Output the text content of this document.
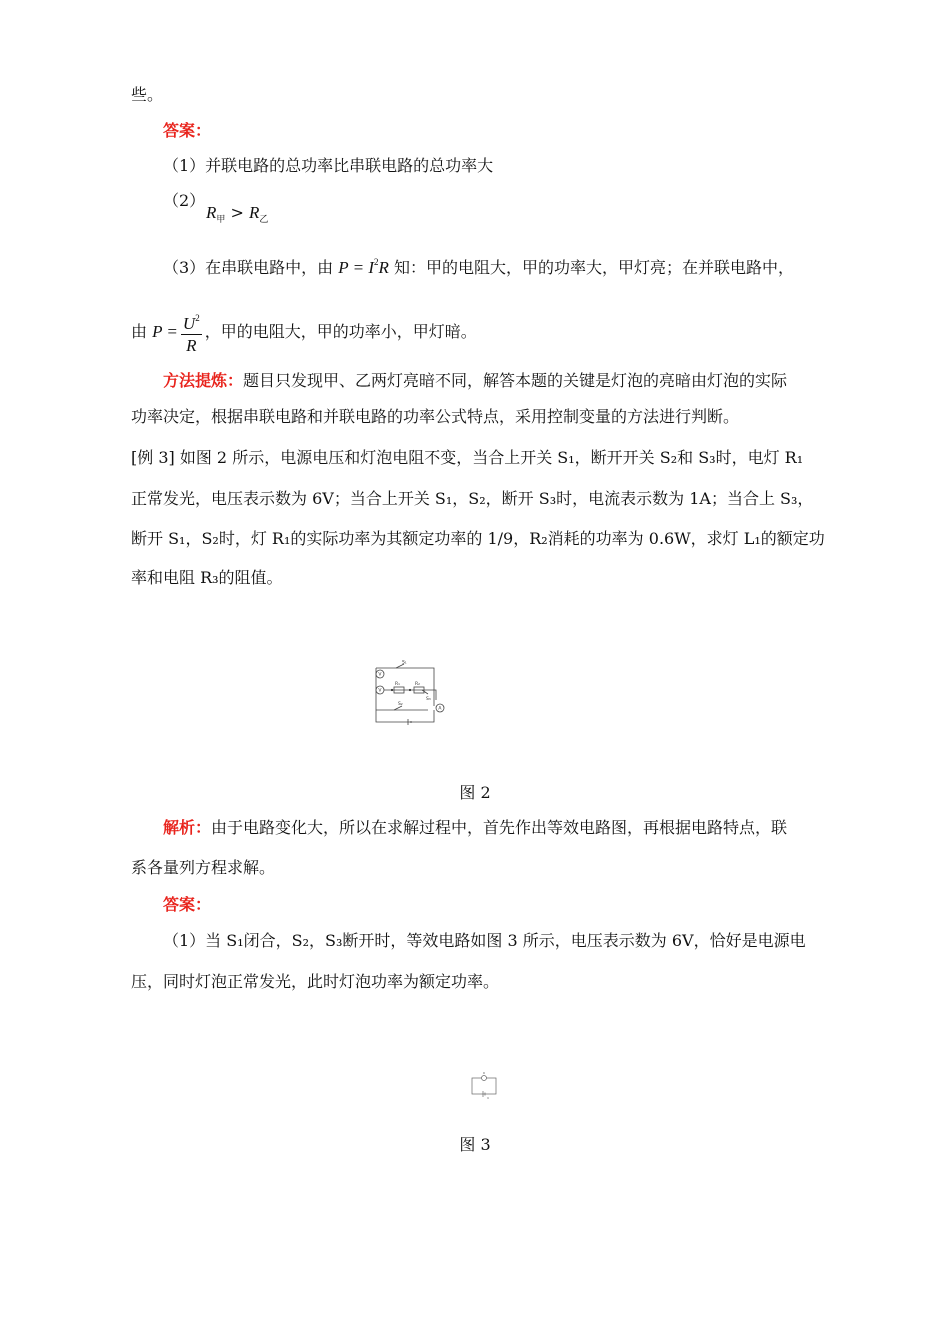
些。
答案：
（1）并联电路的总功率比串联电路的总功率大
（2）
$R_甲 > R_乙$
（3）在串联电路中，由 $P = I^2R$ 知：甲的电阻大，甲的功率大，甲灯亮；在并联电路中，
由 $P = \frac{U^2}{R}$ ，甲的电阻大，甲的功率小，甲灯暗。
方法提炼：题目只发现甲、乙两灯亮暗不同，解答本题的关键是灯泡的亮暗由灯泡的实际
功率决定，根据串联电路和并联电路的功率公式特点，采用控制变量的方法进行判断。
[例 3] 如图 2 所示，电源电压和灯泡电阻不变，当合上开关 S₁，断开开关 S₂和 S₃时，电灯 R₁
正常发光，电压表示数为 6V；当合上开关 S₁，S₂，断开 S₃时，电流表示数为 1A；当合上 S₃，
断开 S₁，S₂时，灯 R₁的实际功率为其额定功率的 1/9，R₂消耗的功率为 0.6W，求灯 L₁的额定功
率和电阻 R₃的阻值。
V
V
A
R₁	R₂
S₁
S₂
S₃
图 2
解析：由于电路变化大，所以在求解过程中，首先作出等效电路图，再根据电路特点，联
系各量列方程求解。
答案：
（1）当 S₁闭合，S₂，S₃断开时，等效电路如图 3 所示，电压表示数为 6V，恰好是电源电
压，同时灯泡正常发光，此时灯泡功率为额定功率。
R
U
图 3
